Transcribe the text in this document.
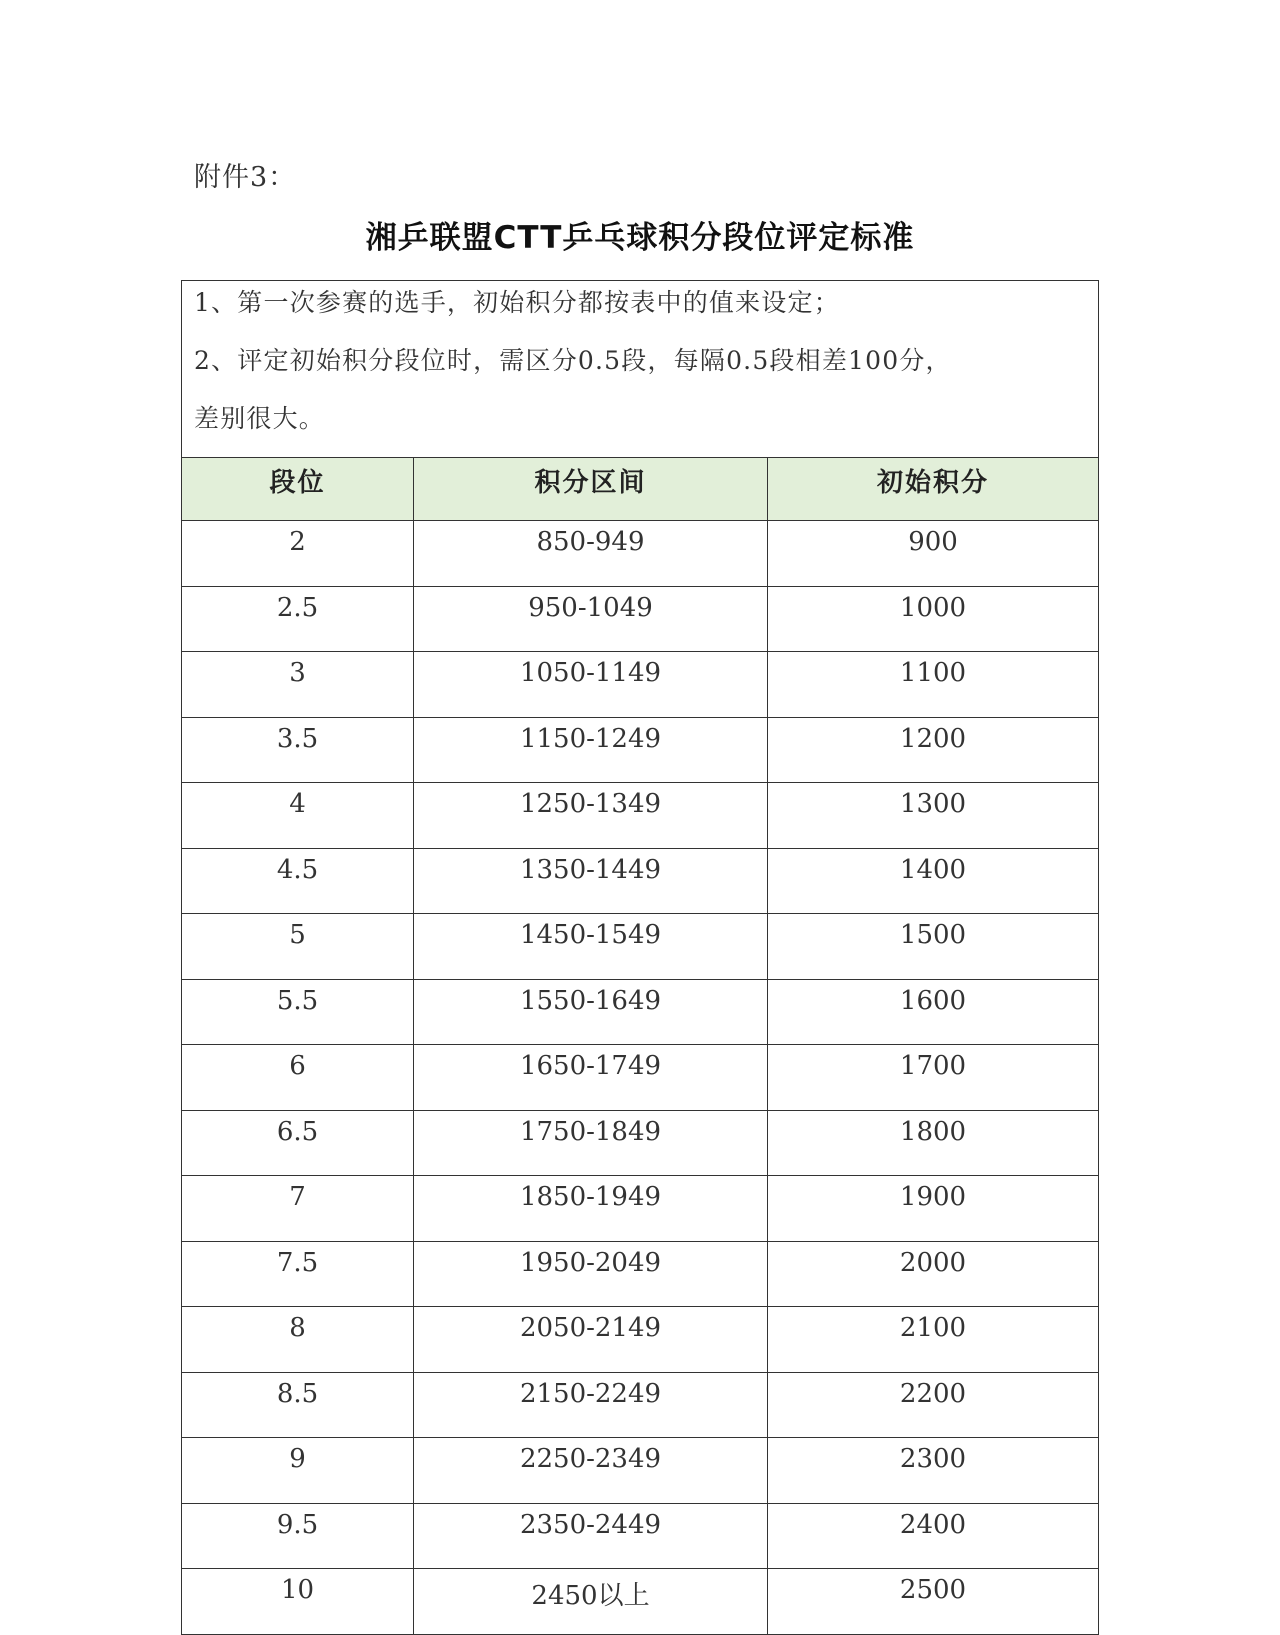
附件3：
湘乒联盟CTT乒乓球积分段位评定标准
1、第一次参赛的选手，初始积分都按表中的值来设定；
2、评定初始积分段位时，需区分0.5段，每隔0.5段相差100分，
差别很大。		

段位	积分区间	初始积分
2	850-949	900
2.5	950-1049	1000
3	1050-1149	1100
3.5	1150-1249	1200
4	1250-1349	1300
4.5	1350-1449	1400
5	1450-1549	1500
5.5	1550-1649	1600
6	1650-1749	1700
6.5	1750-1849	1800
7	1850-1949	1900
7.5	1950-2049	2000
8	2050-2149	2100
8.5	2150-2249	2200
9	2250-2349	2300
9.5	2350-2449	2400
10	2450以上	2500
